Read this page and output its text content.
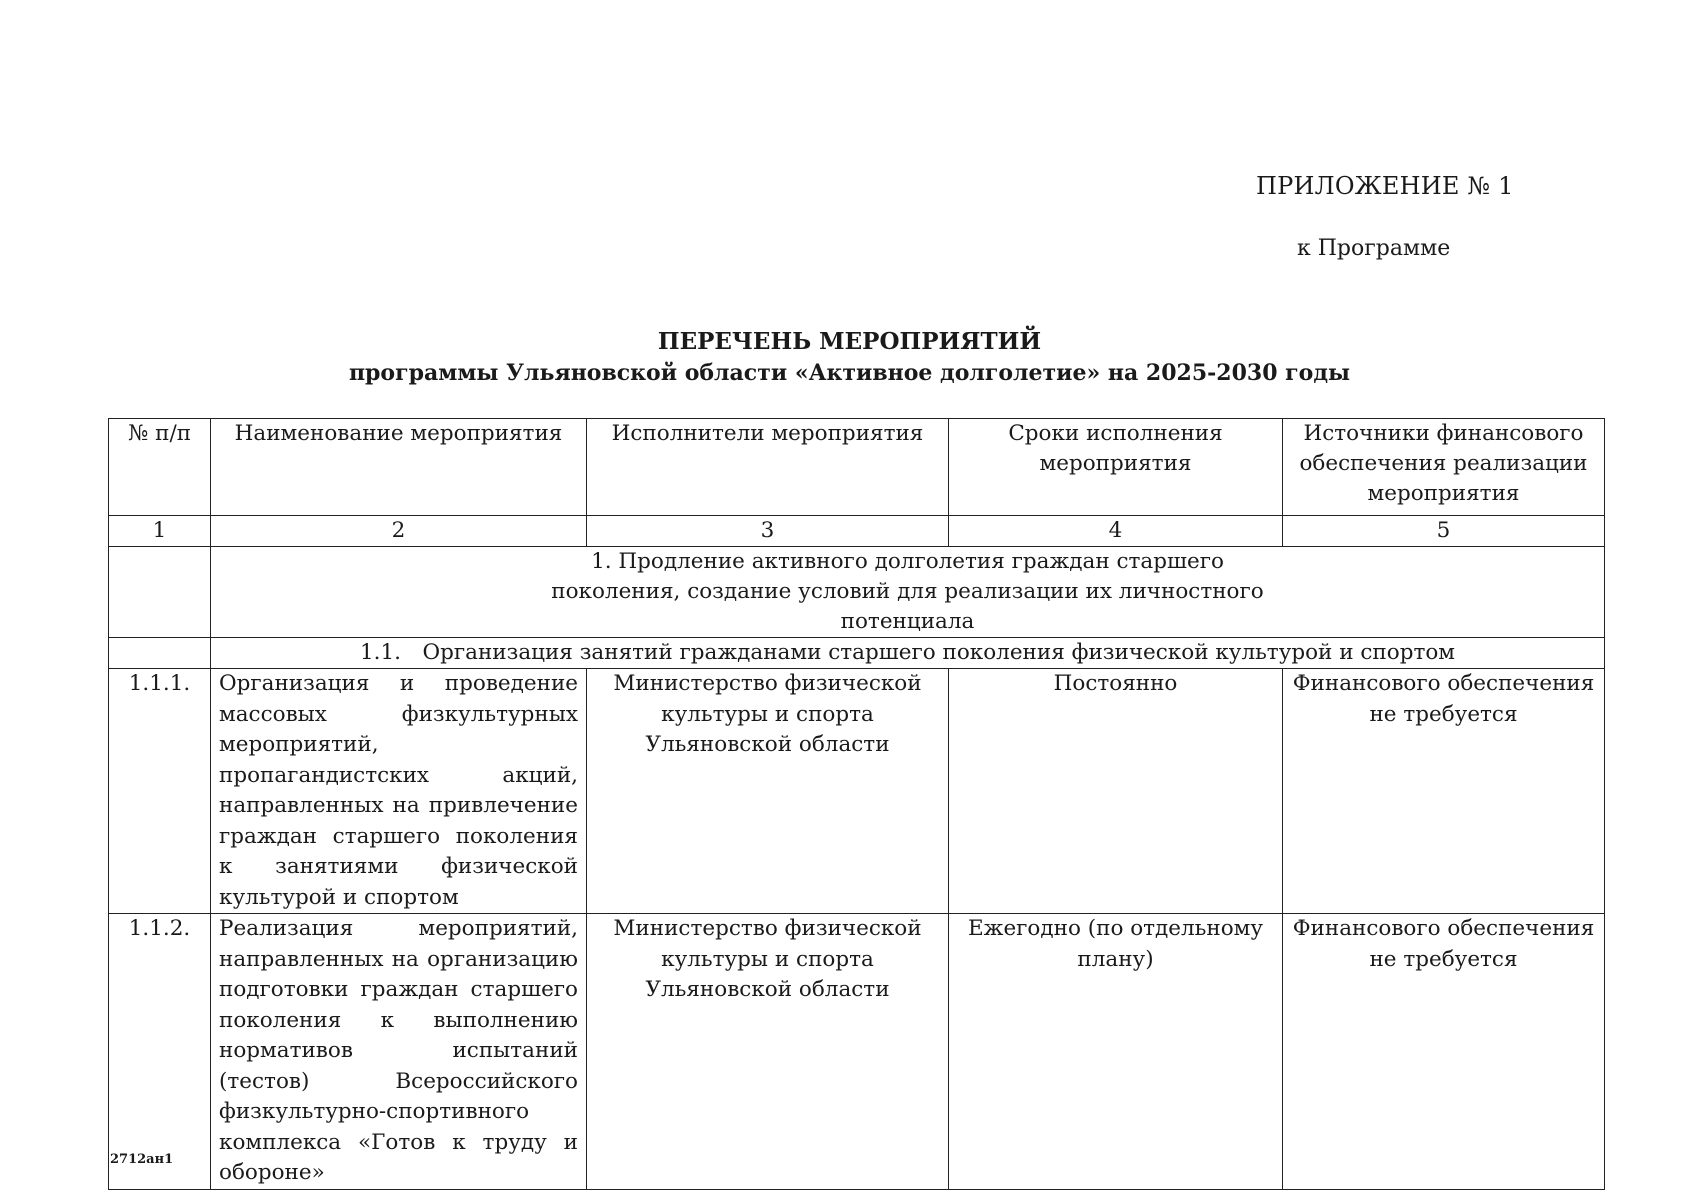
ПРИЛОЖЕНИЕ № 1
к Программе
ПЕРЕЧЕНЬ МЕРОПРИЯТИЙ
программы Ульяновской области «Активное долголетие» на 2025-2030 годы
№ п/п	Наименование мероприятия	Исполнители мероприятия	Сроки исполнения мероприятия	Источники финансового обеспечения реализации мероприятия
1	2	3	4	5
	1. Продление активного долголетия граждан старшего поколения, создание условий для реализации их личностного потенциала			
	1.1. Организация занятий гражданами старшего поколения физической культурой и спортом			
1.1.1.	Организация и проведение массовых физкультурных мероприятий, пропагандистских акций, направленных на привлечение граждан старшего поколения к занятиями физической культурой и спортом	Министерство физической культуры и спорта Ульяновской области	Постоянно	Финансового обеспечения не требуется
1.1.2.	Реализация мероприятий, направленных на организацию подготовки граждан старшего поколения к выполнению нормативов испытаний (тестов) Всероссийского физкультурно-спортивного комплекса «Готов к труду и обороне»	Министерство физической культуры и спорта Ульяновской области	Ежегодно (по отдельному плану)	Финансового обеспечения не требуется
2712ан1
